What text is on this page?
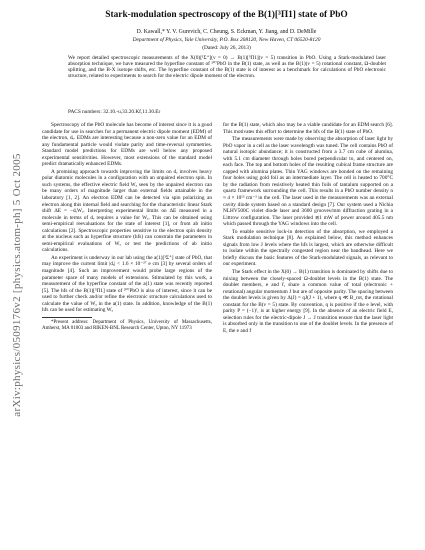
arXiv:physics/0509176v2 [physics.atom-ph] 5 Oct 2005
Stark-modulation spectroscopy of the B(1)[³Π1] state of PbO
D. Kawall,* Y. V. Gurevich, C. Cheung, S. Eckman, Y. Jiang, and D. DeMille
Department of Physics, Yale University, P.O. Box 208120, New Haven, CT 06520-8120
(Dated: July 26, 2013)
We report detailed spectroscopic measurements of the X(0)[¹Σ⁺](v = 0) → B(1)[³Π1](v = 5) transition in PbO. Using a Stark-modulated laser absorption technique, we have measured the hyperfine constant of ²⁰⁷PbO in the B(1) state, as well as the B(1)(v = 5) rotational constant, Ω-doublet splitting, and the B-X isotope shifts, etc. The hyperfine constant of the B(1) state is of interest as a benchmark for calculations of PbO electronic structure, related to experiments to search for the electric dipole moment of the electron.
PACS numbers: 32.10.-u,33.20.Kf,11.30.Er

Spectroscopy of the PbO molecule has become of interest since it is a good candidate for use in searches for a permanent electric dipole moment (EDM) of the electron, dₑ. EDMs are interesting because a non-zero value for an EDM of any fundamental particle would violate parity and time-reversal symmetries. Standard model predictions for EDMs are well below any proposed experimental sensitivities. However, most extensions of the standard model predict dramatically enhanced EDMs.

A promising approach towards improving the limits on dₑ involves heavy polar diatomic molecules in a configuration with an unpaired electron spin. In such systems, the effective electric field Wₐ seen by the unpaired electron can be many orders of magnitude larger than external fields attainable in the laboratory [1, 2]. An electron EDM can be detected via spin polarizing an electron along this internal field and searching for the characteristic linear Stark shift ΔE = −dₑWₐ. Interpreting experimental limits on ΔE measured in a molecule in terms of dₑ requires a value for Wₐ. This can be obtained using semi-empirical reevaluations for the state of interest [1], or from ab initio calculations [2]. Spectroscopic properties sensitive to the electron spin density at the nucleus such as hyperfine structure (hfs) can constrain the parameters in semi-empirical evaluations of Wₐ or test the predictions of ab initio calculations.

An experiment is underway in our lab using the a(1)[³Σ⁺] state of PbO, that may improve the current limit |dₑ| < 1.6 × 10⁻²⁷ e cm [3] by several orders of magnitude [4]. Such an improvement would probe large regions of the parameter space of many models of extensions. Stimulated by this work, a measurement of the hyperfine constant of the a(1) state was recently reported [5]. The hfs of the B(1)[³Π1] state of ²⁰⁷PbO is also of interest, since it can be used to further check and/or refine the electronic structure calculations used to calculate the value of Wₐ in the a(1) state. In addition, knowledge of the B(1) hfs can be used for estimating Wₐ

*Present address: Department of Physics, University of Massachusetts, Amherst, MA 01003 and RIKEN-BNL Research Center, Upton, NY 11973

for the B(1) state, which also may be a viable candidate for an EDM search [6]. This motivates this effort to determine the hfs of the B(1) state of PbO.

The measurements were made by observing the absorption of laser light by PbO vapor in a cell as the laser wavelength was tuned. The cell contains PbO of natural isotopic abundance; it is constructed from a 3.7 cm cube of alumina, with 5.1 cm diameter through holes bored perpendicular to, and centered on, each face. The top and bottom holes of the resulting cubical frame structure are capped with alumina plates. Thin YAG windows are bonded on the remaining four holes using gold foil as an intermediate layer. The cell is heated to 700°C by the radiation from resistively heated thin foils of tantalum supported on a quartz framework surrounding the cell. This results in a PbO number density n ≈ 4 × 10¹³ cm⁻³ in the cell. The laser used in the measurements was an external cavity diode system based on a standard design [7]. Our system used a Nichia NLHV500C violet diode laser and 3600 grooves/mm diffraction grating in a Littrow configuration. The laser provided ≲1 mW of power around 405.5 nm which passed through the YAG windows into the cell.

To enable sensitive lock-in detection of the absorption, we employed a Stark modulation technique [8]. As explained below, this method enhances signals from low J levels where the hfs is largest, which are otherwise difficult to isolate within the spectrally congested region near the bandhead. Here we briefly discuss the basic features of the Stark-modulated signals, as relevant to our experiment.

The Stark effect in the X(0) → B(1) transition is dominated by shifts due to mixing between the closely-spaced Ω-doublet levels in the B(1) state. The doublet members, e and f, share a common value of total (electronic + rotational) angular momentum J but are of opposite parity. The spacing between the doublet levels is given by Δ(J) = qJ(J + 1), where q ≪ B_rot, the rotational constant for the B(v = 5) state. By convention, q is positive if the e level, with parity P = (−1)ᴶ, is at higher energy [9]. In the absence of an electric field E, selection rules for the electric-dipole J → J transition ensure that the laser light is absorbed only in the transition to one of the doublet levels. In the presence of E, the e and f
